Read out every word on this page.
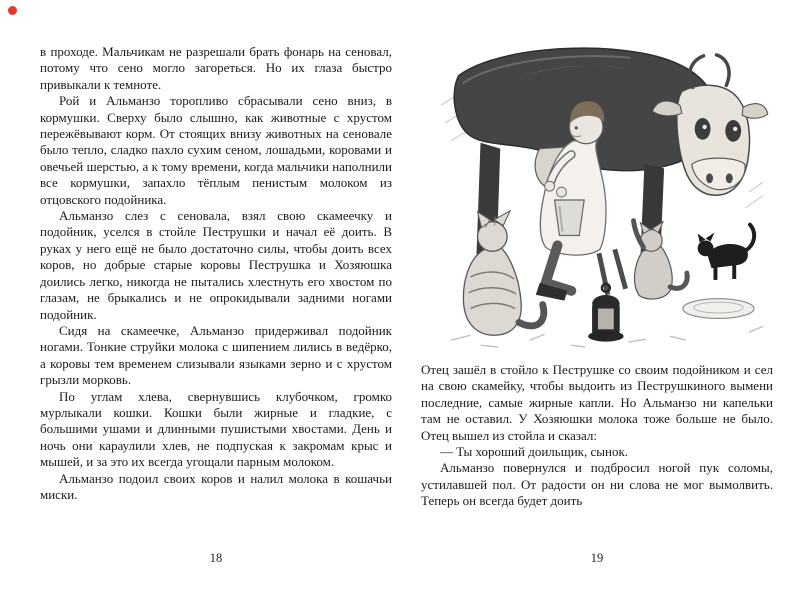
в проходе. Мальчикам не разрешали брать фонарь на сеновал, потому что сено могло загореться. Но их глаза быстро привыкали к темноте.

Рой и Альманзо торопливо сбрасывали сено вниз, в кормушки. Сверху было слышно, как животные с хрустом пережёвывают корм. От стоящих внизу животных на сеновале было тепло, сладко пахло сухим сеном, лошадьми, коровами и овечьей шерстью, а к тому времени, когда мальчики наполнили все кормушки, запахло тёплым пенистым молоком из отцовского подойника.

Альманзо слез с сеновала, взял свою скамеечку и подойник, уселся в стойле Пеструшки и начал её доить. В руках у него ещё не было достаточно силы, чтобы доить всех коров, но добрые старые коровы Пеструшка и Хозяюшка доились легко, никогда не пытались хлестнуть его хвостом по глазам, не брыкались и не опрокидывали задними ногами подойник.

Сидя на скамеечке, Альманзо придерживал подойник ногами. Тонкие струйки молока с шипением лились в ведёрко, а коровы тем временем слизывали языками зерно и с хрустом грызли морковь.

По углам хлева, свернувшись клубочком, громко мурлыкали кошки. Кошки были жирные и гладкие, с большими ушами и длинными пушистыми хвостами. День и ночь они караулили хлев, не подпуская к закромам крыс и мышей, и за это их всегда угощали парным молоком.

Альманзо подоил своих коров и налил молока в кошачьи миски.

18

Отец зашёл в стойло к Пеструшке со своим подойником и сел на свою скамейку, чтобы выдоить из Пеструшкиного вымени последние, самые жирные капли. Но Альманзо ни капельки там не оставил. У Хозяюшки молока тоже больше не было. Отец вышел из стойла и сказал:

— Ты хороший доильщик, сынок.

Альманзо повернулся и подбросил ногой пук соломы, устилавшей пол. От радости он ни слова не мог вымолвить. Теперь он всегда будет доить

19
